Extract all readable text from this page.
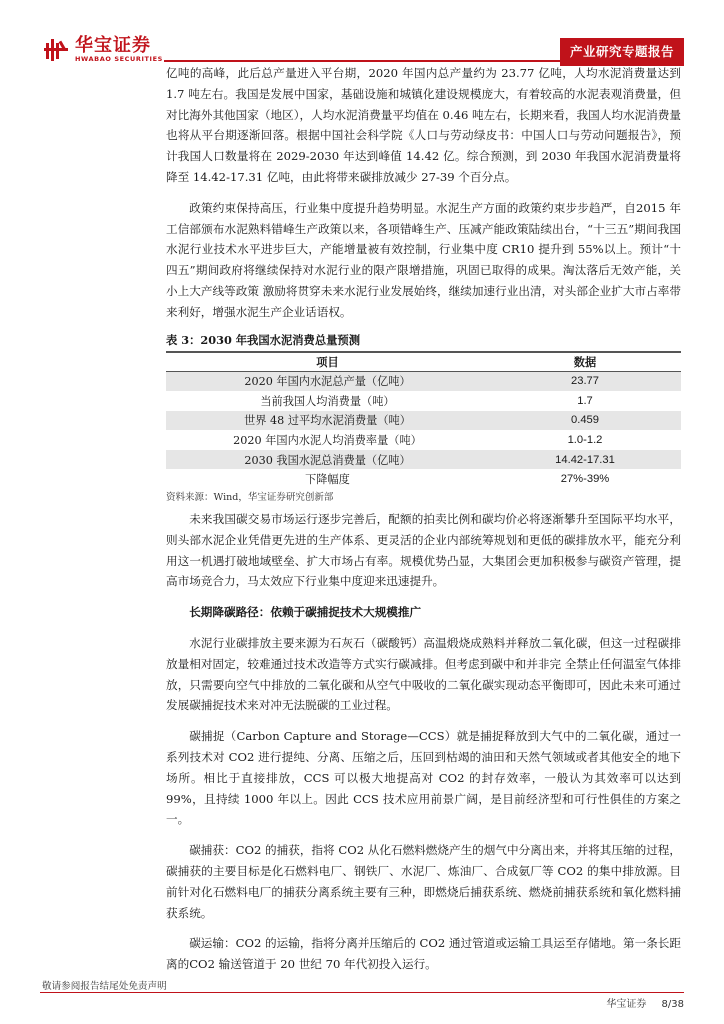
华宝证券
HWABAO SECURITIES	产业研究专题报告

亿吨的高峰，此后总产量进入平台期，2020 年国内总产量约为 23.77 亿吨，人均水泥消费量达到 1.7 吨左右。我国是发展中国家，基础设施和城镇化建设规模庞大，有着较高的水泥表观消费量，但对比海外其他国家（地区），人均水泥消费量平均值在 0.46 吨左右，长期来看，我国人均水泥消费量也将从平台期逐渐回落。根据中国社会科学院《人口与劳动绿皮书：中国人口与劳动问题报告》，预计我国人口数量将在 2029-2030 年达到峰值 14.42 亿。综合预测，到 2030 年我国水泥消费量将降至 14.42-17.31 亿吨，由此将带来碳排放减少 27-39 个百分点。

政策约束保持高压，行业集中度提升趋势明显。水泥生产方面的政策约束步步趋严，自2015 年工信部颁布水泥熟料错峰生产政策以来，各项错峰生产、压减产能政策陆续出台，“十三五”期间我国水泥行业技术水平进步巨大，产能增量被有效控制，行业集中度 CR10 提升到 55%以上。预计“十四五”期间政府将继续保持对水泥行业的限产限增措施，巩固已取得的成果。淘汰落后无效产能，关小上大产线等政策 激励将贯穿未来水泥行业发展始终，继续加速行业出清，对头部企业扩大市占率带来利好，增强水泥生产企业话语权。

表 3：2030 年我国水泥消费总量预测
项目	数据
2020 年国内水泥总产量（亿吨）	23.77
当前我国人均消费量（吨）	1.7
世界 48 过平均水泥消费量（吨）	0.459
2020 年国内水泥人均消费率量（吨）	1.0-1.2
2030 我国水泥总消费量（亿吨）	14.42-17.31
下降幅度	27%-39%
资料来源：Wind，华宝证券研究创新部

未来我国碳交易市场运行逐步完善后，配额的拍卖比例和碳均价必将逐渐攀升至国际平均水平，则头部水泥企业凭借更先进的生产体系、更灵活的企业内部统筹规划和更低的碳排放水平，能充分利用这一机遇打破地域壁垒、扩大市场占有率。规模优势凸显，大集团会更加积极参与碳资产管理，提高市场竞合力，马太效应下行业集中度迎来迅速提升。

长期降碳路径：依赖于碳捕捉技术大规模推广

水泥行业碳排放主要来源为石灰石（碳酸钙）高温煅烧成熟料并释放二氧化碳，但这一过程碳排放量相对固定，较难通过技术改造等方式实行碳减排。但考虑到碳中和并非完 全禁止任何温室气体排放，只需要向空气中排放的二氧化碳和从空气中吸收的二氧化碳实现动态平衡即可，因此未来可通过发展碳捕捉技术来对冲无法脱碳的工业过程。

碳捕捉（Carbon Capture and Storage—CCS）就是捕捉释放到大气中的二氧化碳，通过一系列技术对 CO2 进行提纯、分离、压缩之后，压回到枯竭的油田和天然气领域或者其他安全的地下场所。相比于直接排放，CCS 可以极大地提高对 CO2 的封存效率，一般认为其效率可以达到 99%，且持续 1000 年以上。因此 CCS 技术应用前景广阔，是目前经济型和可行性俱佳的方案之一。

碳捕获：CO2 的捕获，指将 CO2 从化石燃料燃烧产生的烟气中分离出来，并将其压缩的过程，碳捕获的主要目标是化石燃料电厂、钢铁厂、水泥厂、炼油厂、合成氨厂等 CO2 的集中排放源。目前针对化石燃料电厂的捕获分离系统主要有三种，即燃烧后捕获系统、燃烧前捕获系统和氧化燃料捕获系统。

碳运输：CO2 的运输，指将分离并压缩后的 CO2 通过管道或运输工具运至存储地。第一条长距离的CO2 输送管道于 20 世纪 70 年代初投入运行。

敬请参阅报告结尾处免责声明
华宝证券 8/38
